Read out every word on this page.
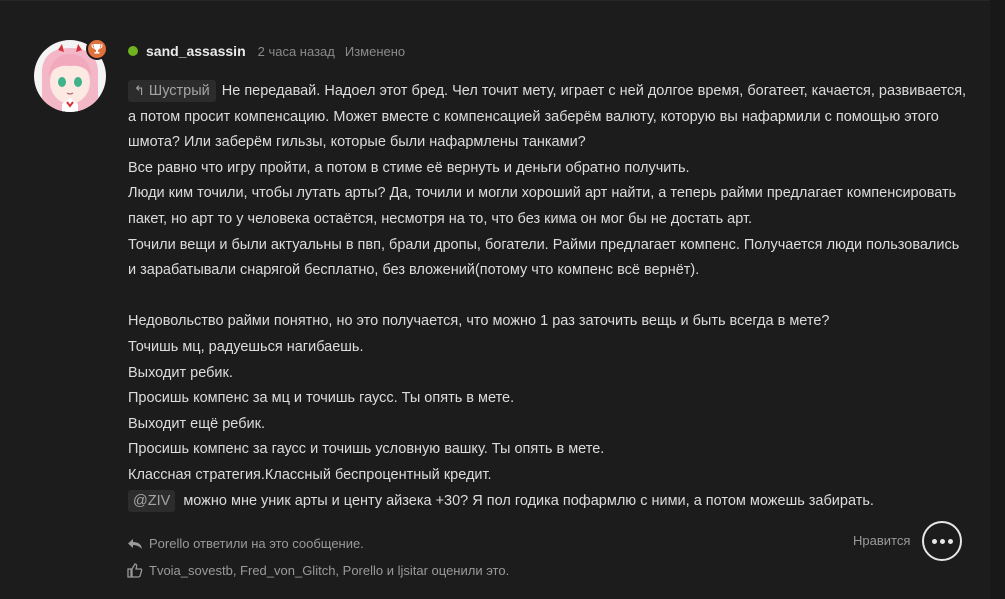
sand_assassin 2 часа назад Изменено

↰ Шустрый Не передавай. Надоел этот бред. Чел точит мету, играет с ней долгое время, богатеет, качается, развивается, а потом просит компенсацию. Может вместе с компенсацией заберём валюту, которую вы нафармили с помощью этого шмота? Или заберём гильзы, которые были нафармлены танками?

Все равно что игру пройти, а потом в стиме её вернуть и деньги обратно получить.

Люди ким точили, чтобы лутать арты? Да, точили и могли хороший арт найти, а теперь райми предлагает компенсировать пакет, но арт то у человека остаётся, несмотря на то, что без кима он мог бы не достать арт.

Точили вещи и были актуальны в пвп, брали дропы, богатели. Райми предлагает компенс. Получается люди пользовались и зарабатывали снарягой бесплатно, без вложений(потому что компенс всё вернёт).

Недовольство райми понятно, но это получается, что можно 1 раз заточить вещь и быть всегда в мете?

Точишь мц, радуешься нагибаешь.

Выходит ребик.

Просишь компенс за мц и точишь гаусс. Ты опять в мете.

Выходит ещё ребик.

Просишь компенс за гаусс и точишь условную вашку. Ты опять в мете.

Классная стратегия.Классный беспроцентный кредит.

@ZIV можно мне уник арты и центу айзека +30? Я пол годика пофармлю с ними, а потом можешь забирать.

Porello ответили на это сообщение.
Tvoia_sovestb, Fred_von_Glitch, Porello и ljsitar оценили это.
Нравится
